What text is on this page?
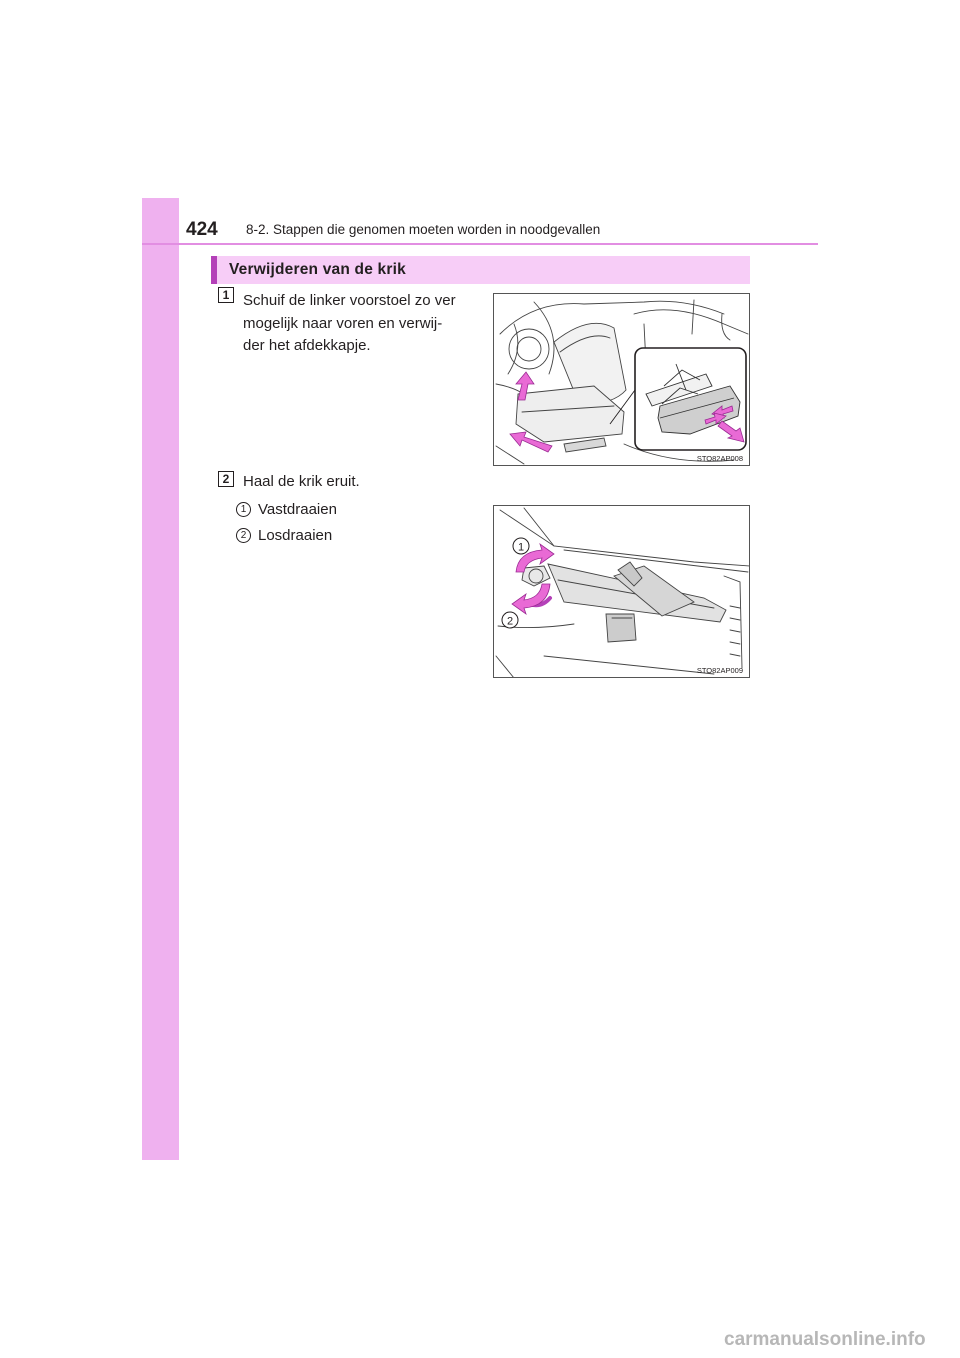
424 8-2. Stappen die genomen moeten worden in noodgevallen
Verwijderen van de krik
1 Schuif de linker voorstoel zo ver
mogelijk naar voren en verwij-
der het afdekkapje.
STO82AP008
2 Haal de krik eruit.
1 Vastdraaien
2 Losdraaien
1
2
STO82AP009
carmanualsonline.info
